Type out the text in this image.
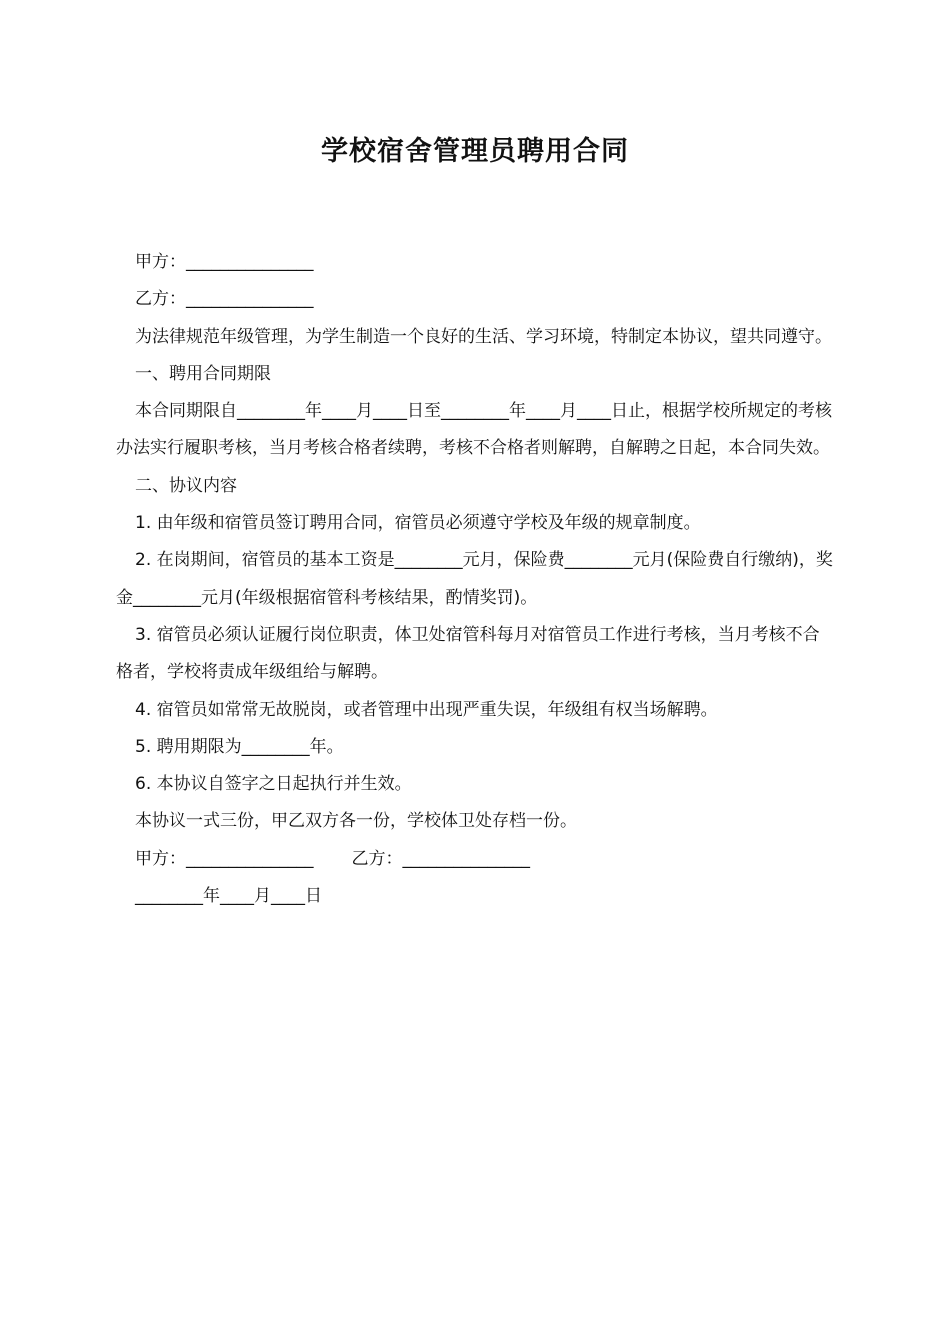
学校宿舍管理员聘用合同

甲方：_______________

乙方：_______________

为法律规范年级管理，为学生制造一个良好的生活、学习环境，特制定本协议，望共同遵守。

一、聘用合同期限

本合同期限自________年____月____日至________年____月____日止，根据学校所规定的考核办法实行履职考核，当月考核合格者续聘，考核不合格者则解聘，自解聘之日起，本合同失效。

二、协议内容

1. 由年级和宿管员签订聘用合同，宿管员必须遵守学校及年级的规章制度。

2. 在岗期间，宿管员的基本工资是________元月，保险费________元月(保险费自行缴纳)，奖金________元月(年级根据宿管科考核结果，酌情奖罚)。

3. 宿管员必须认证履行岗位职责，体卫处宿管科每月对宿管员工作进行考核，当月考核不合格者，学校将责成年级组给与解聘。

4. 宿管员如常常无故脱岗，或者管理中出现严重失误，年级组有权当场解聘。

5. 聘用期限为________年。

6. 本协议自签字之日起执行并生效。

本协议一式三份，甲乙双方各一份，学校体卫处存档一份。

甲方：_______________ 乙方：_______________

________年____月____日
